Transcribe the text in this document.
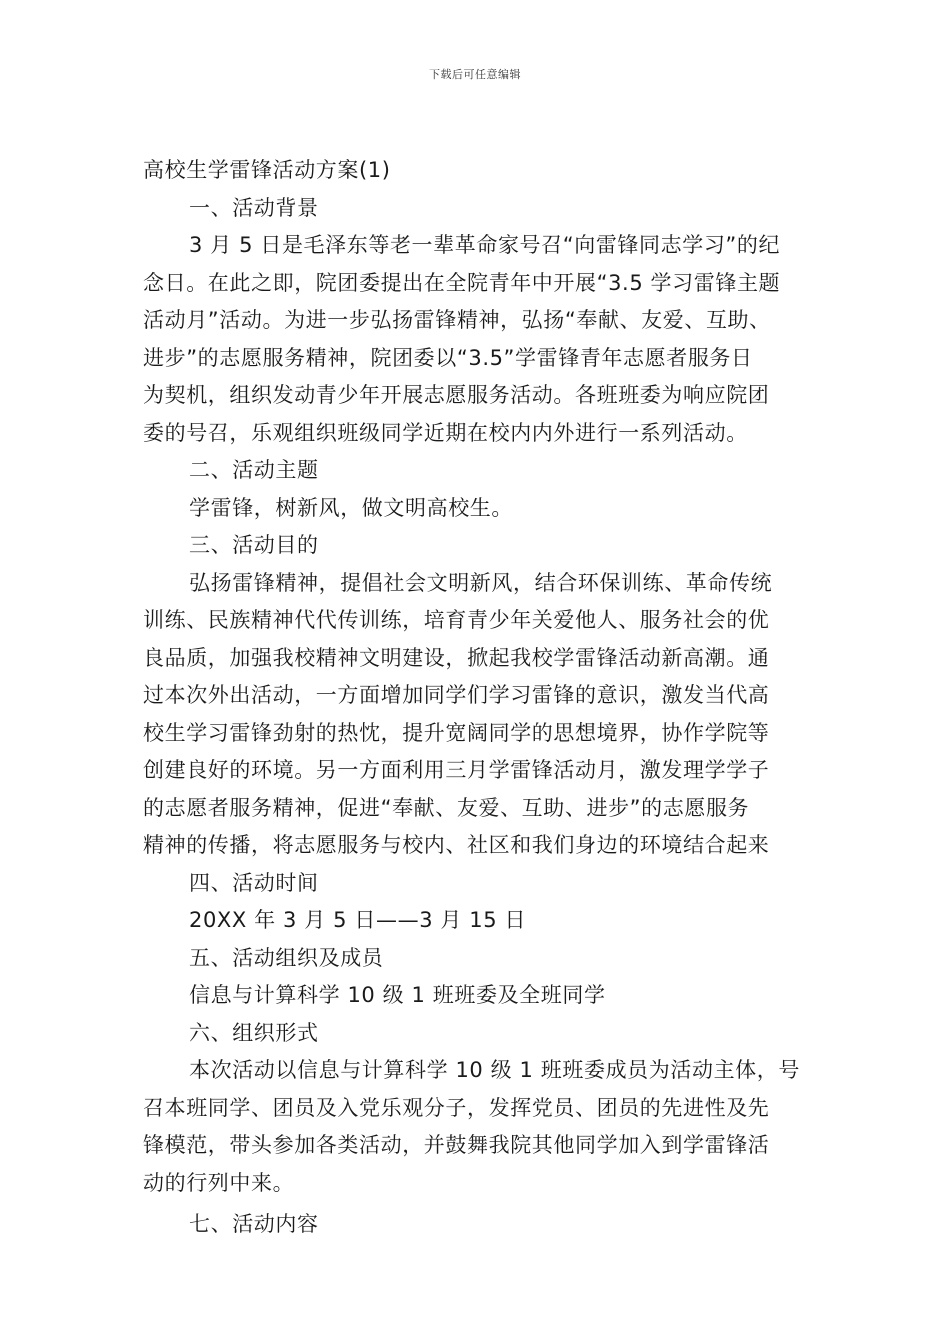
下载后可任意编辑
高校生学雷锋活动方案(1)
一、活动背景
3 月 5 日是毛泽东等老一辈革命家号召“向雷锋同志学习”的纪
念日。在此之即，院团委提出在全院青年中开展“3.5 学习雷锋主题
活动月”活动。为进一步弘扬雷锋精神，弘扬“奉献、友爱、互助、
进步”的志愿服务精神，院团委以“3.5”学雷锋青年志愿者服务日
为契机，组织发动青少年开展志愿服务活动。各班班委为响应院团
委的号召，乐观组织班级同学近期在校内内外进行一系列活动。
二、活动主题
学雷锋，树新风，做文明高校生。
三、活动目的
弘扬雷锋精神，提倡社会文明新风，结合环保训练、革命传统
训练、民族精神代代传训练，培育青少年关爱他人、服务社会的优
良品质，加强我校精神文明建设，掀起我校学雷锋活动新高潮。通
过本次外出活动，一方面增加同学们学习雷锋的意识，激发当代高
校生学习雷锋劲射的热忱，提升宽阔同学的思想境界，协作学院等
创建良好的环境。另一方面利用三月学雷锋活动月，激发理学学子
的志愿者服务精神，促进“奉献、友爱、互助、进步”的志愿服务
精神的传播，将志愿服务与校内、社区和我们身边的环境结合起来
四、活动时间
20XX 年 3 月 5 日——3 月 15 日
五、活动组织及成员
信息与计算科学 10 级 1 班班委及全班同学
六、组织形式
本次活动以信息与计算科学 10 级 1 班班委成员为活动主体，号
召本班同学、团员及入党乐观分子，发挥党员、团员的先进性及先
锋模范，带头参加各类活动，并鼓舞我院其他同学加入到学雷锋活
动的行列中来。
七、活动内容
